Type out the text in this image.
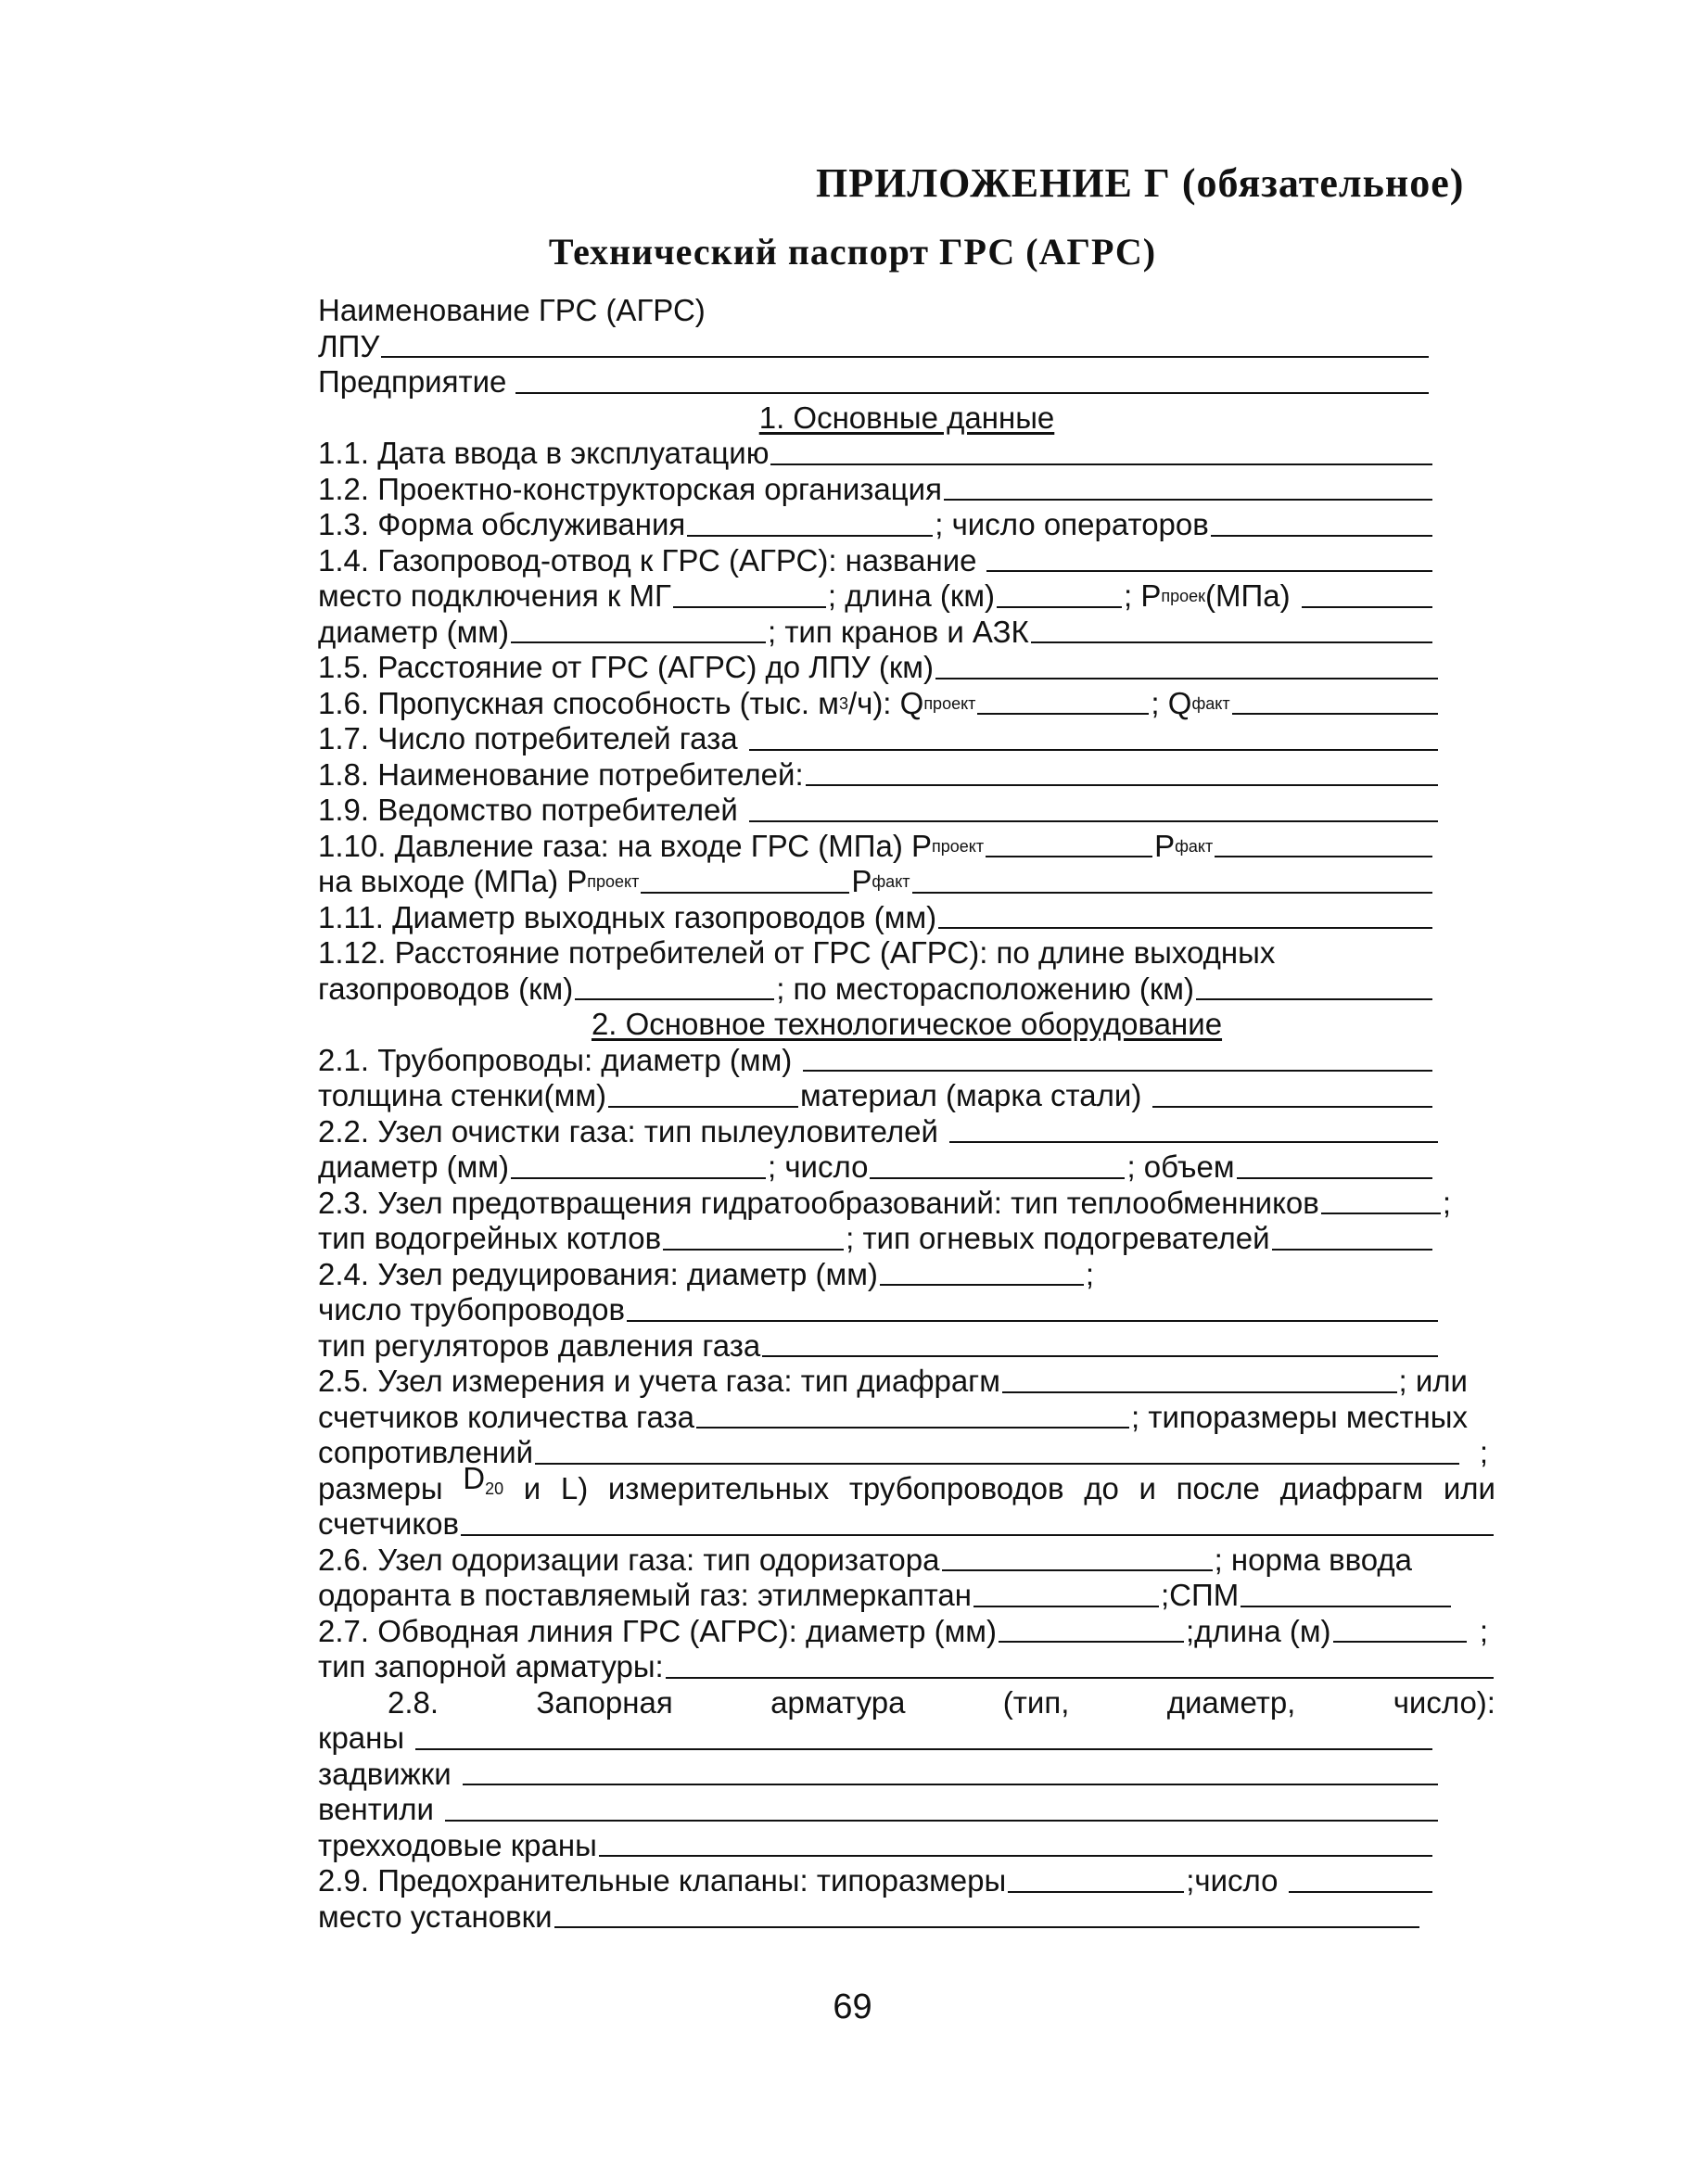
ПРИЛОЖЕНИЕ Г (обязательное)
Технический паспорт ГРС (АГРС)
Наименование ГРС (АГРС)
ЛПУ
Предприятие
1. Основные данные
1.1. Дата ввода в эксплуатацию
1.2. Проектно-конструкторская организация
1.3. Форма обслуживания	; число операторов
1.4. Газопровод-отвод к ГРС (АГРС): название
место подключения к МГ	; длина (км)	; P проек (МПа)
диаметр (мм)	; тип кранов и АЗК
1.5. Расстояние от ГРС (АГРС) до ЛПУ (км)
1.6. Пропускная способность (тыс. м 3 /ч): Q проект	; Q факт
1.7. Число потребителей газа
1.8. Наименование потребителей:
1.9. Ведомство потребителей
1.10. Давление газа: на входе ГРС (МПа) P проект	P факт
на выходе (МПа) P проект	P факт
1.11. Диаметр выходных газопроводов (мм)
1.12. Расстояние потребителей от ГРС (АГРС): по длине выходных
газопроводов (км)	; по месторасположению (км)
2. Основное технологическое оборудование
2.1. Трубопроводы: диаметр (мм)
толщина стенки(мм)	материал (марка стали)
2.2. Узел очистки газа: тип пылеуловителей
диаметр (мм)	; число	; объем
2.3. Узел предотвращения гидратообразований: тип теплообменников	;
тип водогрейных котлов	; тип огневых подогревателей
2.4. Узел редуцирования: диаметр (мм)	;
число трубопроводов
тип регуляторов давления газа
2.5. Узел измерения и учета газа: тип диафрагм	; или
счетчиков количества газа	; типоразмеры местных
сопротивлений	;
размеры $D_{20}$ и L) измерительных трубопроводов до и после диафрагм или
счетчиков
2.6. Узел одоризации газа: тип одоризатора	; норма ввода
одоранта в поставляемый газ: этилмеркаптан	;СПМ
2.7. Обводная линия ГРС (АГРС): диаметр (мм)	;длина (м)	;
тип запорной арматуры:
2.8.	Запорная	арматура	(тип,	диаметр,	число):
краны
задвижки
вентили
трехходовые краны
2.9. Предохранительные клапаны: типоразмеры	;число
место установки
69
